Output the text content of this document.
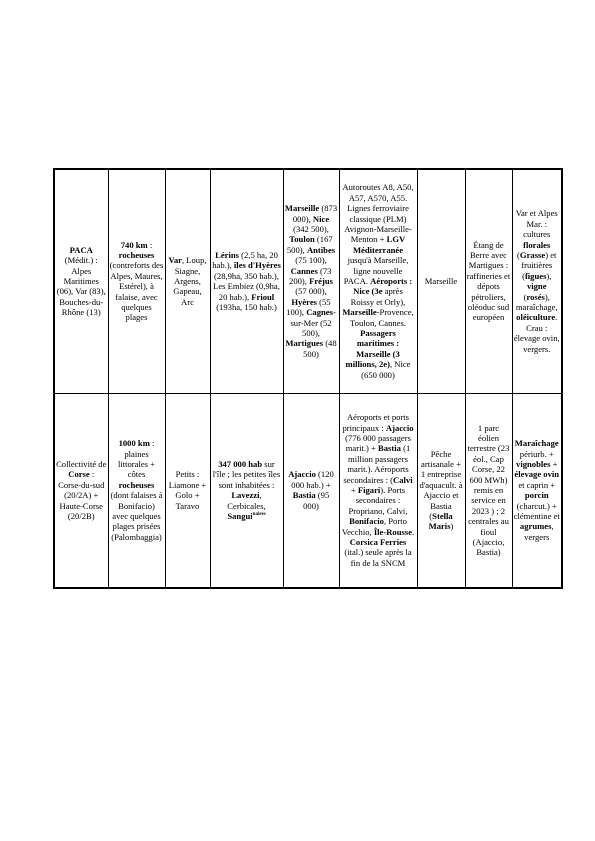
PACA (Médit.) : Alpes Maritimes (06), Var (83), Bouches-du-Rhône (13)	740 km : rocheuses (contreforts des Alpes, Maures, Estérel), à falaise, avec quelques plages	Var, Loup, Siagne, Argens, Gapeau, Arc	Lérins (2,5 ha, 20 hab.), îles d'Hyères (28,9ha, 350 hab.), Les Embiez (0,9ha, 20 hab.), Frioul (193ha, 150 hab.)	Marseille (873 000), Nice (342 500), Toulon (167 500), Antibes (75 100), Cannes (73 200), Fréjus (57 000), Hyères (55 100), Cagnes-sur-Mer (52 500), Martigues (48 500)	Autoroutes A8, A50, A57, A570, A55. Lignes ferroviaire classique (PLM) Avignon-Marseille-Menton + LGV Méditerranée jusqu'à Marseille, ligne nouvelle PACA. Aéroports : Nice (3e après Roissy et Orly), Marseille-Provence, Toulon, Cannes. Passagers maritimes : Marseille (3 millions, 2e), Nice (650 000)	Marseille	Étang de Berre avec Martigues : raffineries et dépots pétroliers, oléoduc sud européen	Var et Alpes Mar. : cultures florales (Grasse) et fruitières (figues), vigne (rosés), maraîchage, oléiculture. Crau : élevage ovin, vergers.
Collectivité de Corse : Corse-du-sud (20/2A) + Haute-Corse (20/2B)	1000 km : plaines littorales + côtes rocheuses (dont falaises à Bonifacio) avec quelques plages prisées (Palombaggia)	Petits : Liamone + Golo + Taravo	347 000 hab sur l'île ; les petites îles sont inhabitées : Lavezzi, Cerbicales, Sangui$^{naires}$	Ajaccio (120 000 hab.) + Bastia (95 000)	Aéroports et ports principaux : Ajaccio (776 000 passagers marit.) + Bastia (1 million passagers marit.). Aéroports secondaires : (Calvi + Figari). Ports secondaires : Propriano, Calvi, Bonifacio, Porto Vecchio, Île-Rousse. Corsica Ferries (ital.) seule après la fin de la SNCM	Pêche artisanale + 1 entreprise d'aquacult. à Ajaccio et Bastia (Stella Maris)	1 parc éolien terrestre (23 éol., Cap Corse, 22 600 MWh) remis en service en 2023 ) ; 2 centrales au fioul (Ajaccio, Bastia)	Maraîchage périurb. + vignobles + élevage ovin et caprin + porcin (charcut.) + clémentine et agrumes, vergers
